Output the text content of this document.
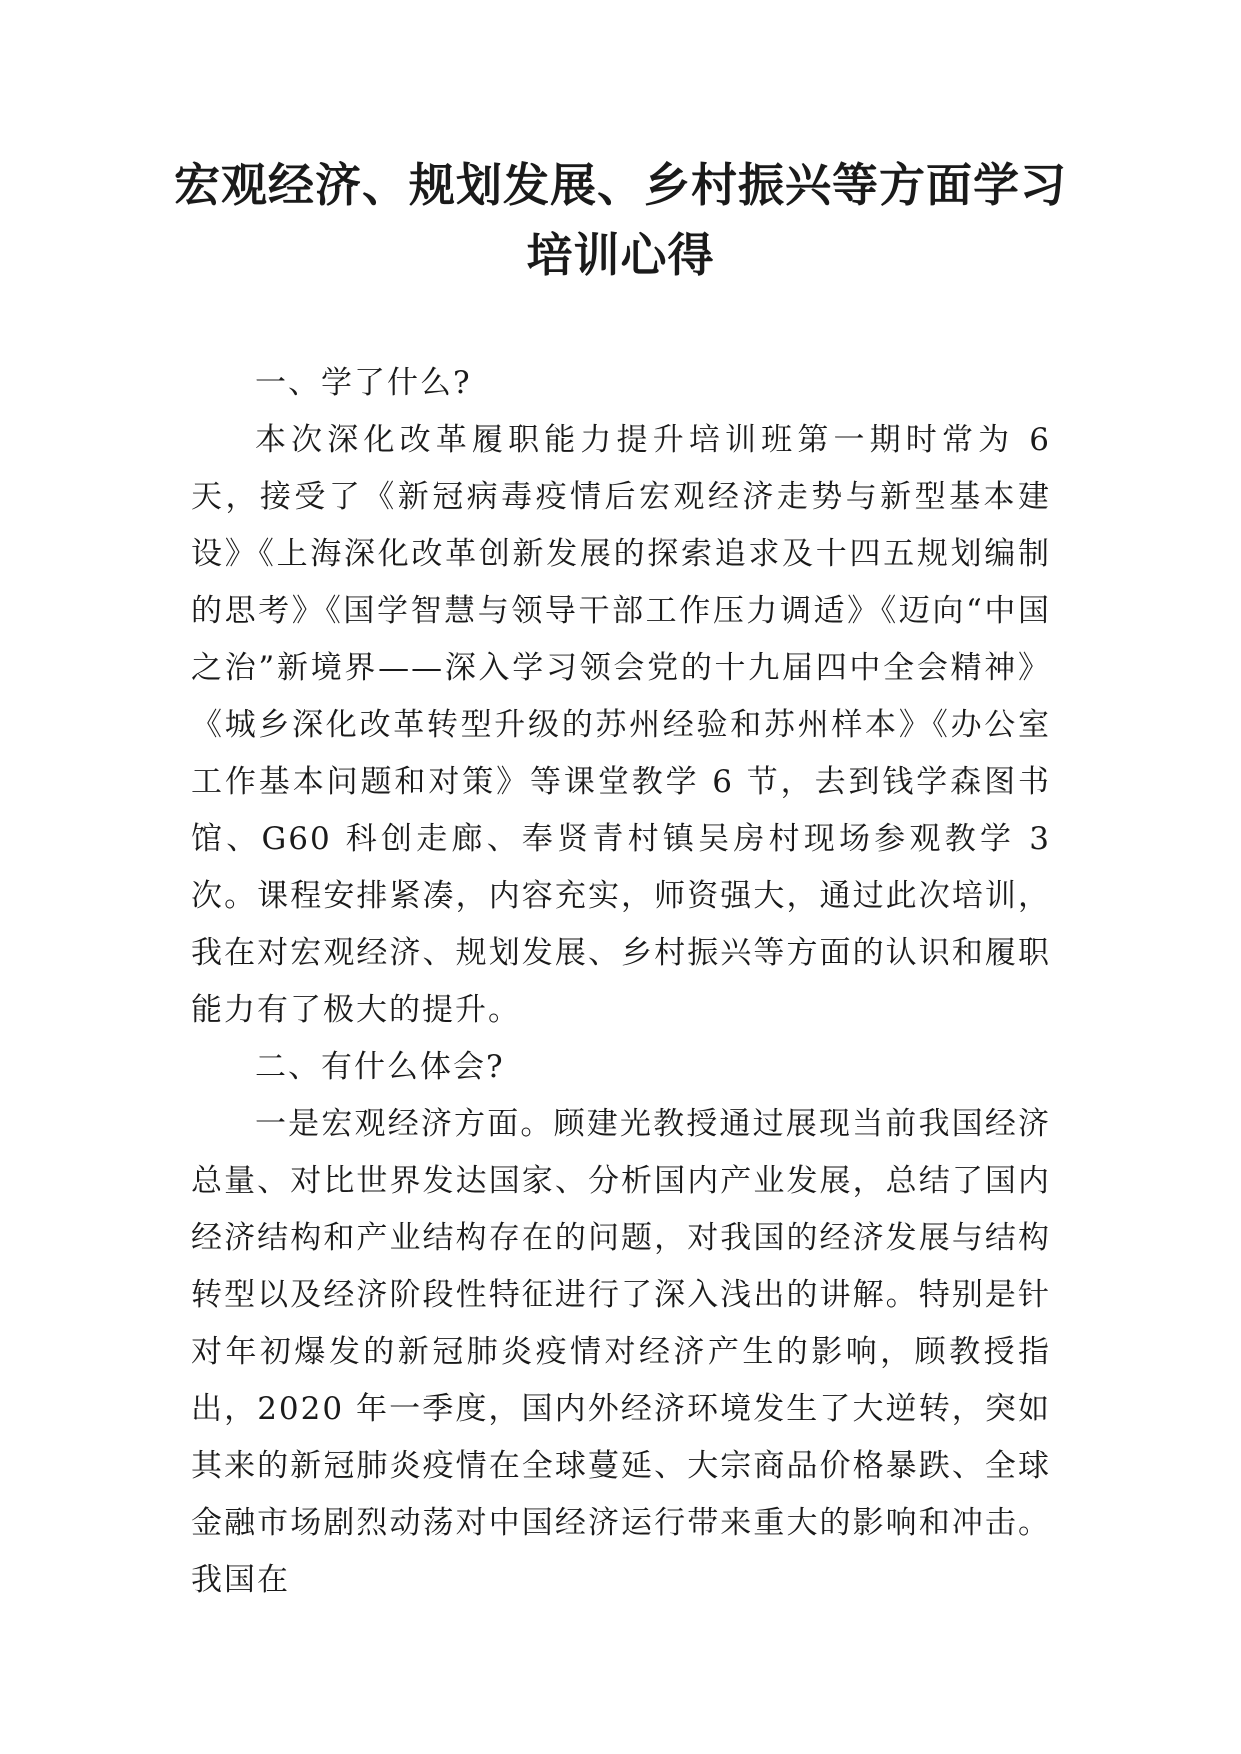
宏观经济、规划发展、乡村振兴等方面学习
培训心得

一、学了什么?

本次深化改革履职能力提升培训班第一期时常为 6 天，接受了《新冠病毒疫情后宏观经济走势与新型基本建设》《上海深化改革创新发展的探索追求及十四五规划编制的思考》《国学智慧与领导干部工作压力调适》《迈向“中国之治”新境界——深入学习领会党的十九届四中全会精神》《城乡深化改革转型升级的苏州经验和苏州样本》《办公室工作基本问题和对策》等课堂教学 6 节，去到钱学森图书馆、G60 科创走廊、奉贤青村镇吴房村现场参观教学 3 次。课程安排紧凑，内容充实，师资强大，通过此次培训，我在对宏观经济、规划发展、乡村振兴等方面的认识和履职能力有了极大的提升。

二、有什么体会?

一是宏观经济方面。顾建光教授通过展现当前我国经济总量、对比世界发达国家、分析国内产业发展，总结了国内经济结构和产业结构存在的问题，对我国的经济发展与结构转型以及经济阶段性特征进行了深入浅出的讲解。特别是针对年初爆发的新冠肺炎疫情对经济产生的影响，顾教授指出，2020 年一季度，国内外经济环境发生了大逆转，突如其来的新冠肺炎疫情在全球蔓延、大宗商品价格暴跌、全球金融市场剧烈动荡对中国经济运行带来重大的影响和冲击。我国在
